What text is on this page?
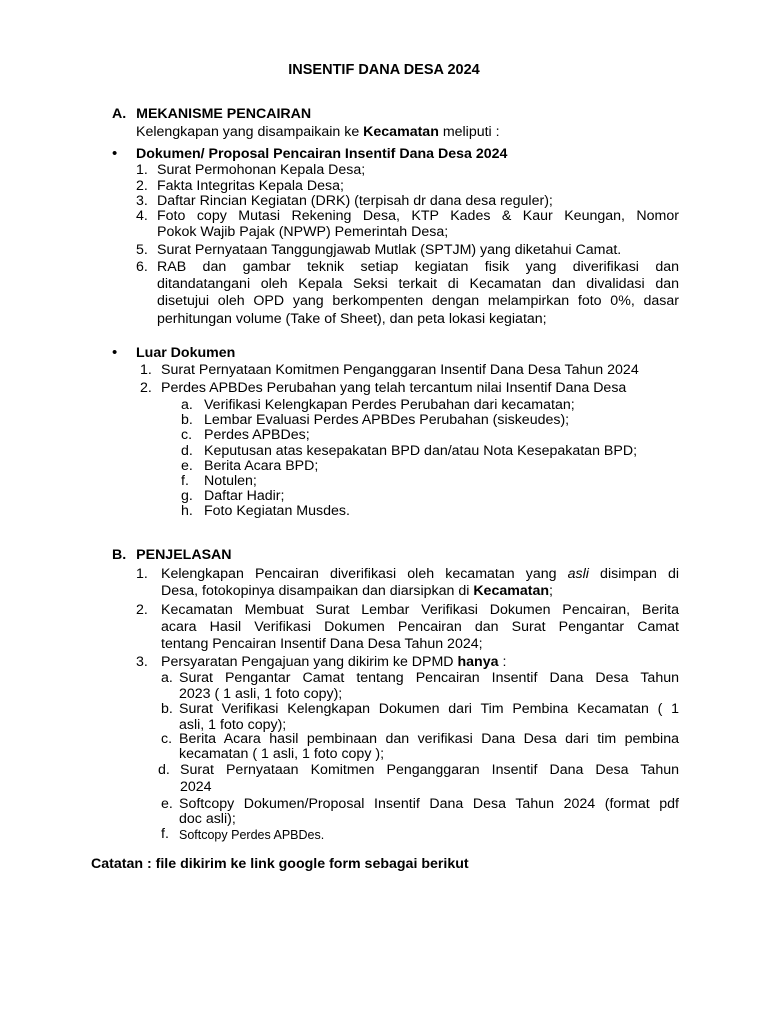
INSENTIF DANA DESA 2024
A. MEKANISME PENCAIRAN
Kelengkapan yang disampaikain ke Kecamatan meliputi :
• Dokumen/ Proposal Pencairan Insentif Dana Desa 2024
1. Surat Permohonan Kepala Desa;
2. Fakta Integritas Kepala Desa;
3. Daftar Rincian Kegiatan (DRK) (terpisah dr dana desa reguler);
4. Foto copy Mutasi Rekening Desa, KTP Kades & Kaur Keungan, Nomor
Pokok Wajib Pajak (NPWP) Pemerintah Desa;
5. Surat Pernyataan Tanggungjawab Mutlak (SPTJM) yang diketahui Camat.
6. RAB dan gambar teknik setiap kegiatan fisik yang diverifikasi dan
ditandatangani oleh Kepala Seksi terkait di Kecamatan dan divalidasi dan
disetujui oleh OPD yang berkompenten dengan melampirkan foto 0%, dasar
perhitungan volume (Take of Sheet), dan peta lokasi kegiatan;
• Luar Dokumen
1. Surat Pernyataan Komitmen Penganggaran Insentif Dana Desa Tahun 2024
2. Perdes APBDes Perubahan yang telah tercantum nilai Insentif Dana Desa
a. Verifikasi Kelengkapan Perdes Perubahan dari kecamatan;
b. Lembar Evaluasi Perdes APBDes Perubahan (siskeudes);
c. Perdes APBDes;
d. Keputusan atas kesepakatan BPD dan/atau Nota Kesepakatan BPD;
e. Berita Acara BPD;
f. Notulen;
g. Daftar Hadir;
h. Foto Kegiatan Musdes.
B. PENJELASAN
1. Kelengkapan Pencairan diverifikasi oleh kecamatan yang asli disimpan di
Desa, fotokopinya disampaikan dan diarsipkan di Kecamatan;
2. Kecamatan Membuat Surat Lembar Verifikasi Dokumen Pencairan, Berita
acara Hasil Verifikasi Dokumen Pencairan dan Surat Pengantar Camat
tentang Pencairan Insentif Dana Desa Tahun 2024;
3. Persyaratan Pengajuan yang dikirim ke DPMD hanya :
a. Surat Pengantar Camat tentang Pencairan Insentif Dana Desa Tahun
2023 ( 1 asli, 1 foto copy);
b. Surat Verifikasi Kelengkapan Dokumen dari Tim Pembina Kecamatan ( 1
asli, 1 foto copy);
c. Berita Acara hasil pembinaan dan verifikasi Dana Desa dari tim pembina
kecamatan ( 1 asli, 1 foto copy );
d. Surat Pernyataan Komitmen Penganggaran Insentif Dana Desa Tahun
2024
e. Softcopy Dokumen/Proposal Insentif Dana Desa Tahun 2024 (format pdf
doc asli);
f. Softcopy Perdes APBDes.
Catatan : file dikirim ke link google form sebagai berikut
